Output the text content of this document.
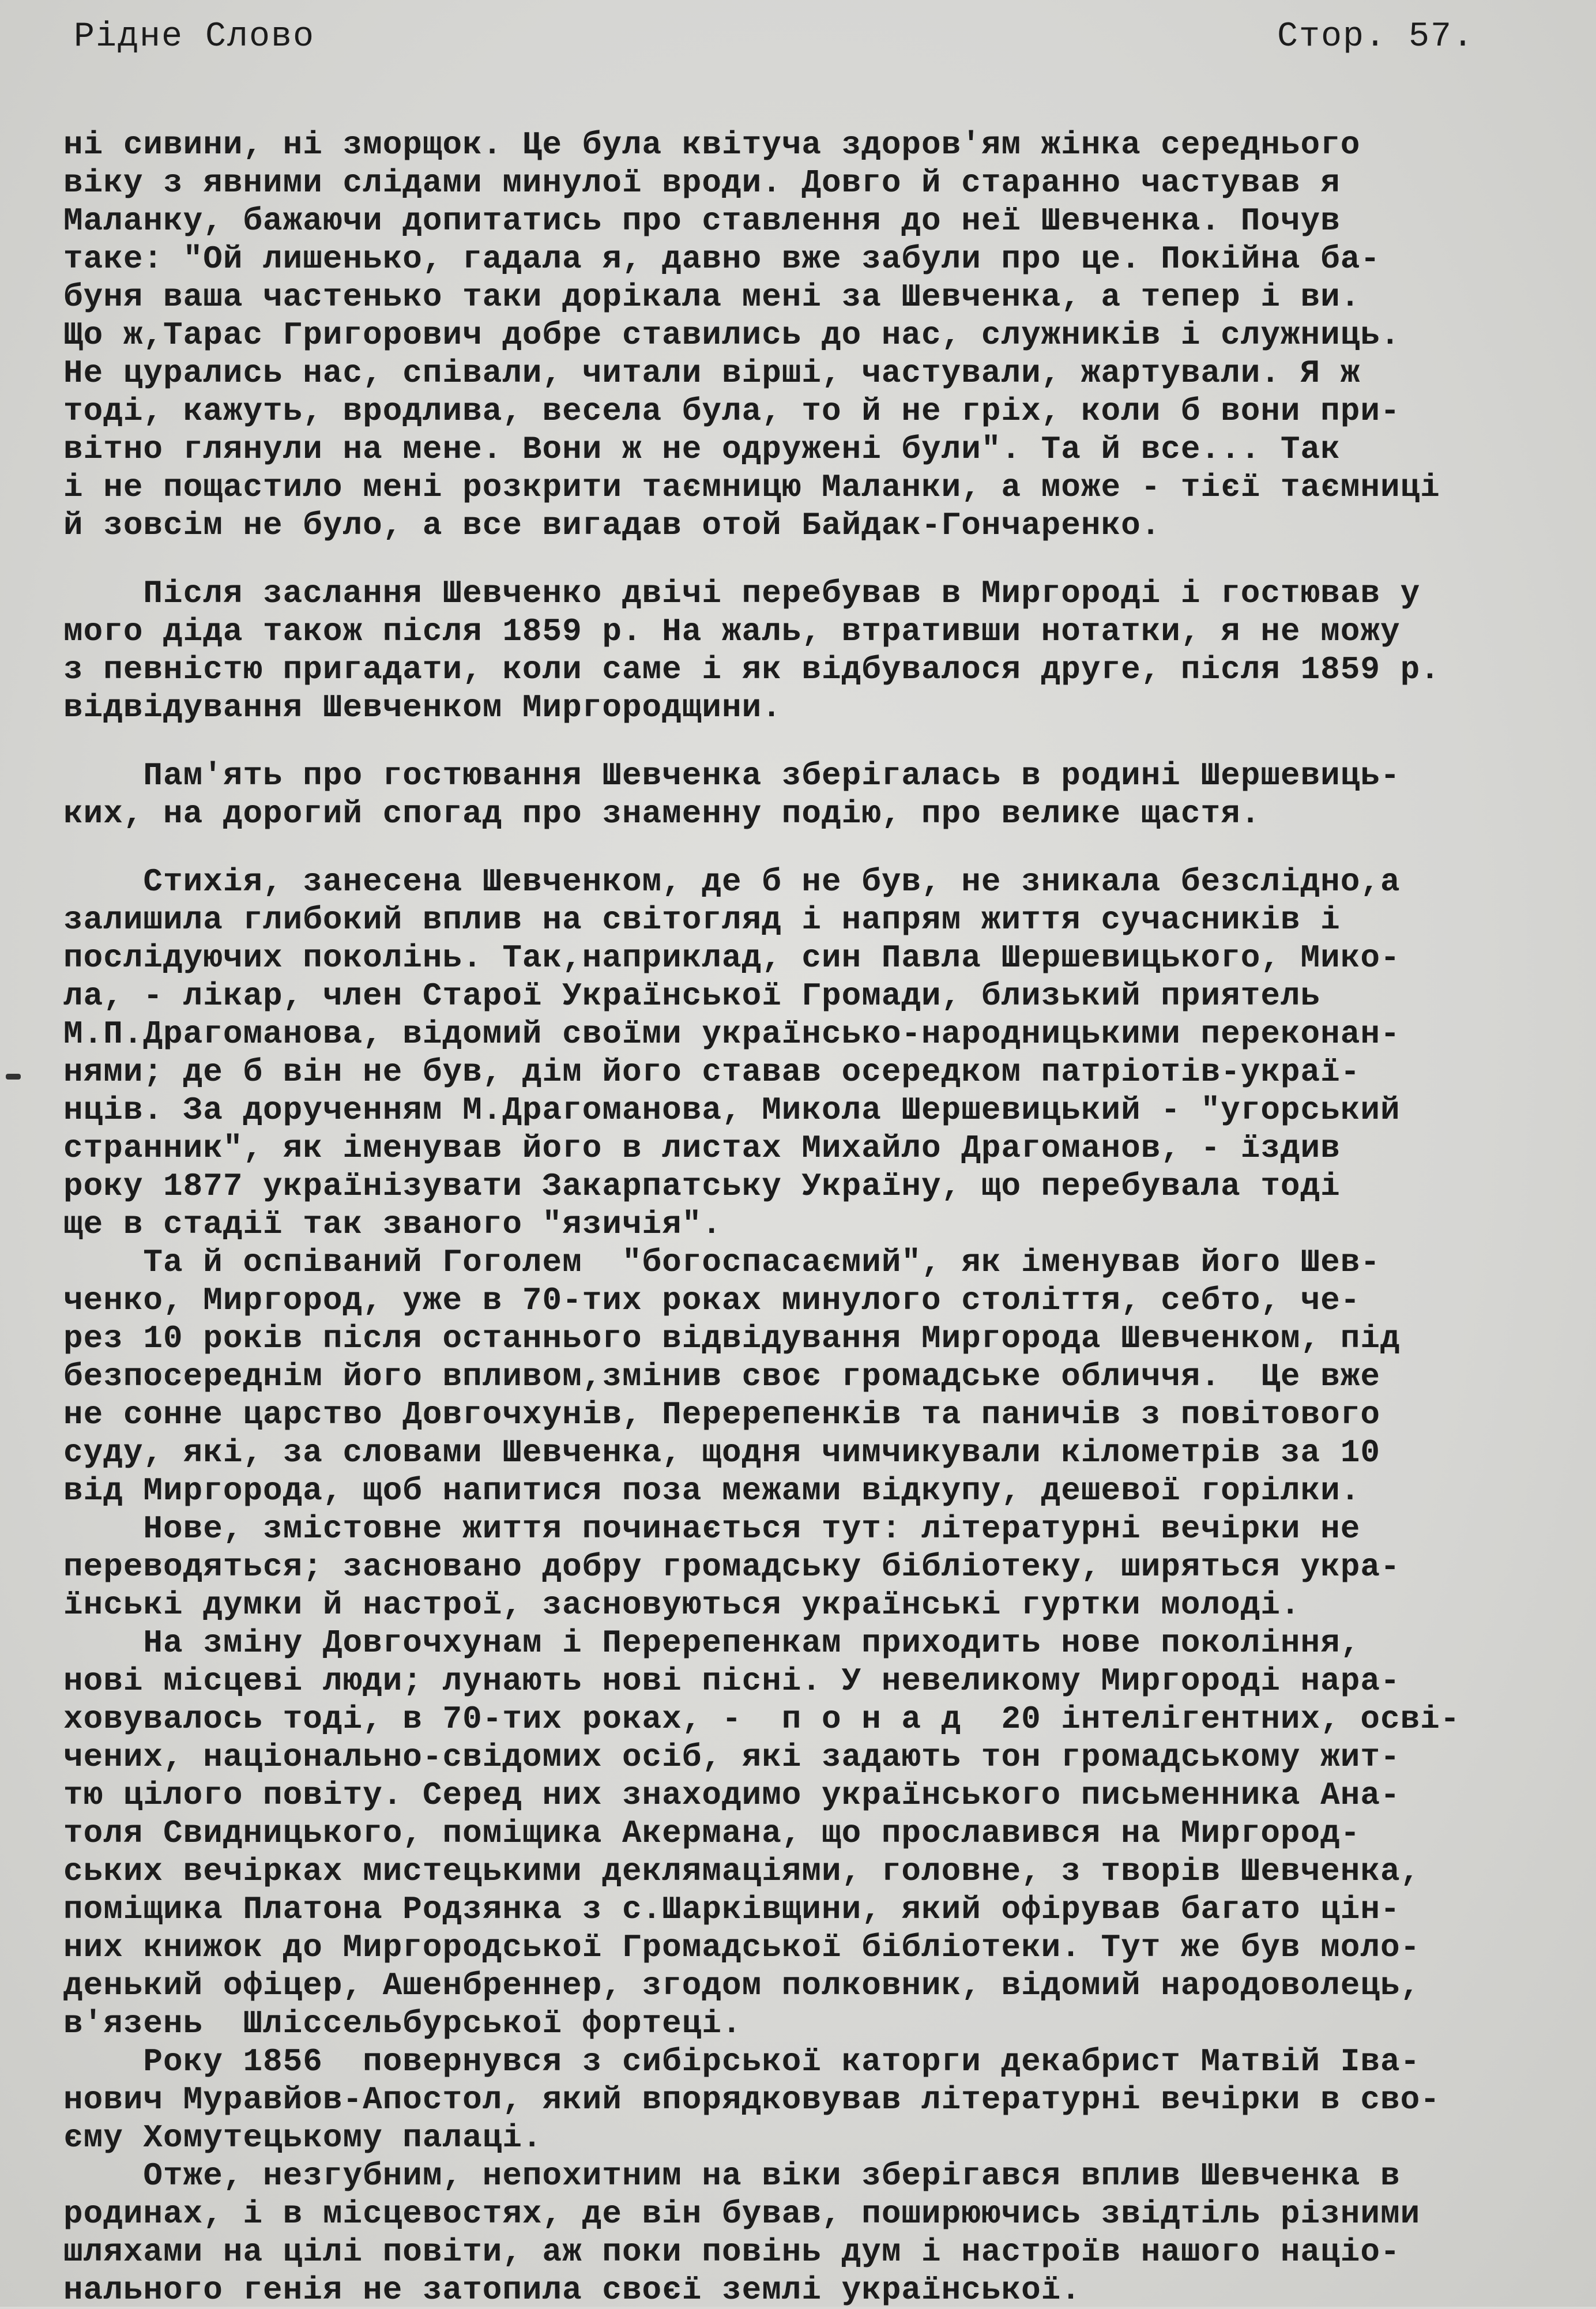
Рідне Слово	Стор. 57.
ні сивини, ні зморщок. Це була квітуча здоров'ям жінка середнього
віку з явними слідами минулої вроди. Довго й старанно частував я
Маланку, бажаючи допитатись про ставлення до неї Шевченка. Почув
таке: "Ой лишенько, гадала я, давно вже забули про це. Покійна ба-
буня ваша частенько таки дорікала мені за Шевченка, а тепер і ви.
Що ж,Тарас Григорович добре ставились до нас, служників і служниць.
Не цурались нас, співали, читали вірші, частували, жартували. Я ж
тоді, кажуть, вродлива, весела була, то й не гріх, коли б вони при-
вітно глянули на мене. Вони ж не одружені були". Та й все... Так
і не пощастило мені розкрити таємницю Маланки, а може - тієї таємниці
й зовсім не було, а все вигадав отой Байдак-Гончаренко.
Після заслання Шевченко двічі перебував в Миргороді і гостював у
мого діда також після 1859 р. На жаль, втративши нотатки, я не можу
з певністю пригадати, коли саме і як відбувалося друге, після 1859 р.
відвідування Шевченком Миргородщини.
Пам'ять про гостювання Шевченка зберігалась в родині Шершевиць-
ких, на дорогий спогад про знаменну подію, про велике щастя.
Стихія, занесена Шевченком, де б не був, не зникала безслідно,а
залишила глибокий вплив на світогляд і напрям життя сучасників і
послідуючих поколінь. Так,наприклад, син Павла Шершевицького, Мико-
ла, - лікар, член Старої Української Громади, близький приятель
М.П.Драгоманова, відомий своїми українсько-народницькими переконан-
нями; де б він не був, дім його ставав осередком патріотів-украї-
нців. За дорученням М.Драгоманова, Микола Шершевицький - "угорський
странник", як іменував його в листах Михайло Драгоманов, - їздив
року 1877 українізувати Закарпатську Україну, що перебувала тоді
ще в стадії так званого "язичія".
Та й оспіваний Гоголем  "богоспасаємий", як іменував його Шев-
ченко, Миргород, уже в 70-тих роках минулого століття, себто, че-
рез 10 років після останнього відвідування Миргорода Шевченком, під
безпосереднім його впливом,змінив своє громадське обличчя.  Це вже
не сонне царство Довгочхунів, Перерепенків та паничів з повітового
суду, які, за словами Шевченка, щодня чимчикували кілометрів за 10
від Миргорода, щоб напитися поза межами відкупу, дешевої горілки.
Нове, змістовне життя починається тут: літературні вечірки не
переводяться; засновано добру громадську бібліотеку, ширяться укра-
їнські думки й настрої, засновуються українські гуртки молоді.
На зміну Довгочхунам і Перерепенкам приходить нове покоління,
нові місцеві люди; лунають нові пісні. У невеликому Миргороді нара-
ховувалось тоді, в 70-тих роках, -  п о н а д  20 інтелігентних, освi-
чених, національно-свідомих осіб, які задають тон громадському жит-
тю цілого повіту. Серед них знаходимо українського письменника Ана-
толя Свидницького, поміщика Акермана, що прославився на Миргород-
ських вечірках мистецькими деклямаціями, головне, з творів Шевченка,
поміщика Платона Родзянка з с.Шарківщини, який офірував багато цін-
них книжок до Миргородської Громадської бібліотеки. Тут же був моло-
денький офіцер, Ашенбреннер, згодом полковник, відомий народоволець,
в'язень  Шліссельбурської фортеці.
Року 1856  повернувся з сибірської каторги декабрист Матвій Іва-
нович Муравйов-Апостол, який впорядковував літературні вечірки в сво-
єму Хомутецькому палаці.
Отже, незгубним, непохитним на віки зберігався вплив Шевченка в
родинах, і в місцевостях, де він бував, поширюючись звідтіль різними
шляхами на цілі повіти, аж поки повінь дум і настроїв нашого націо-
нального генія не затопила своєї землі української.
